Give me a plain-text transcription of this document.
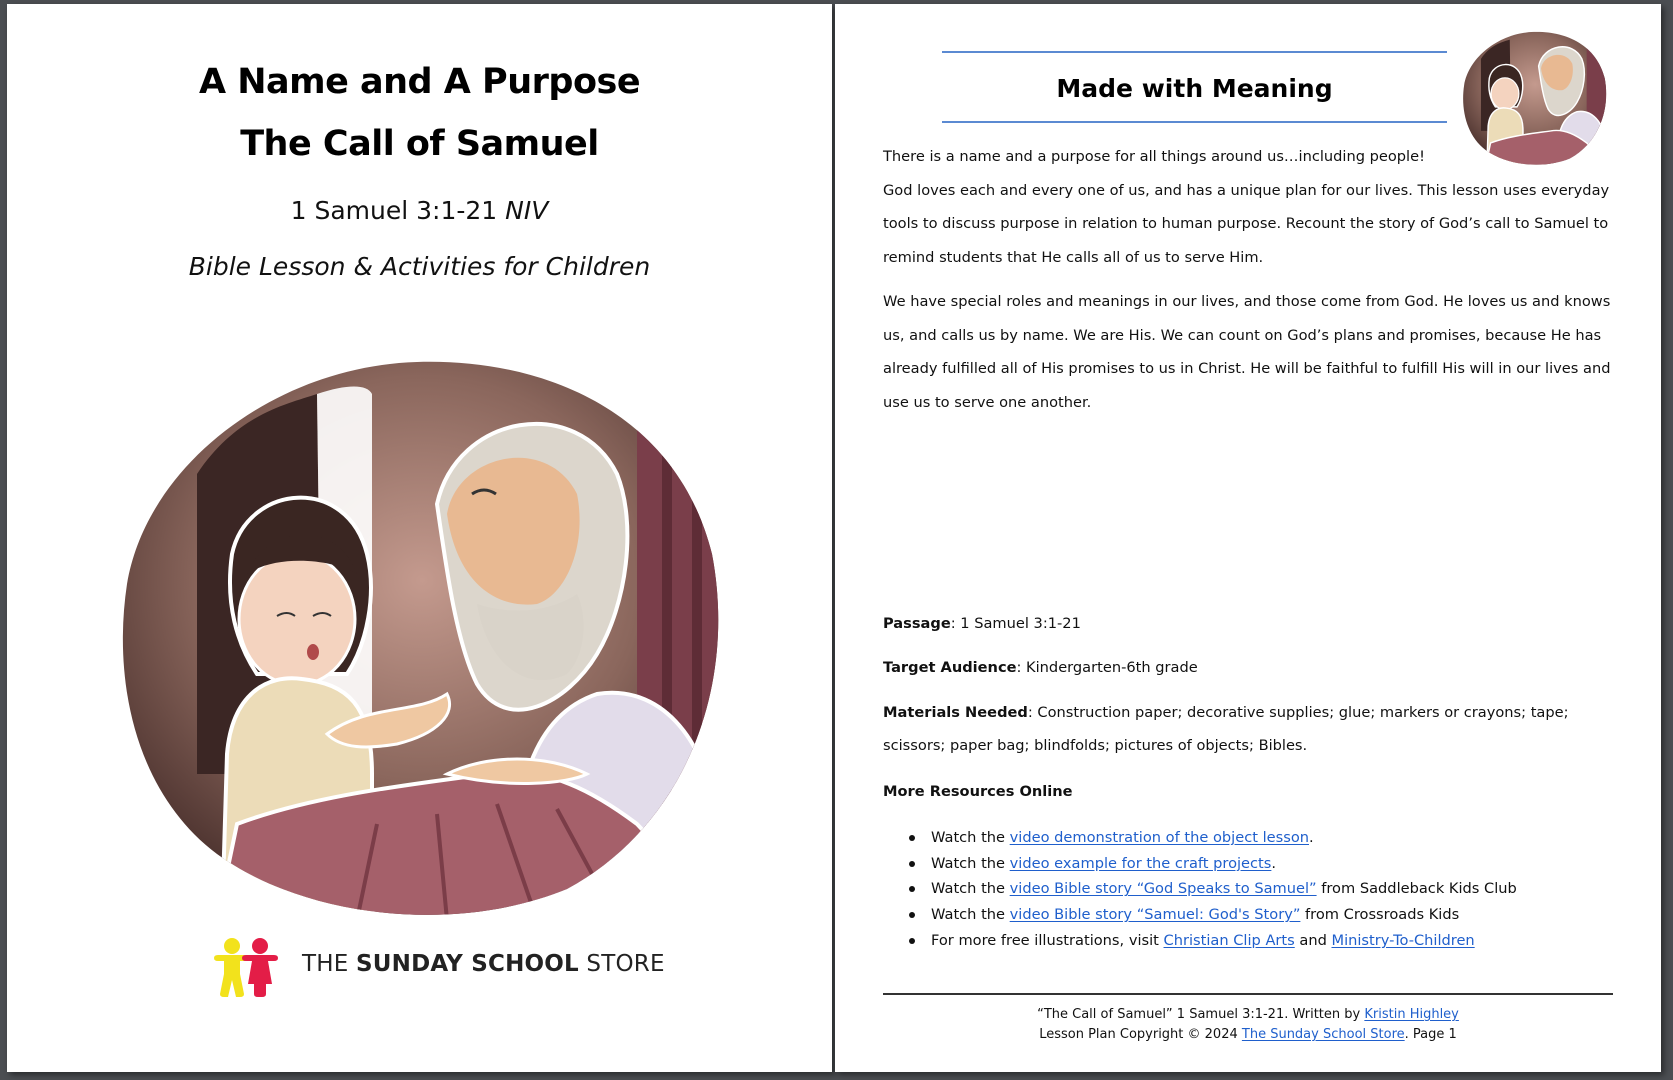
A Name and A Purpose
The Call of Samuel
1 Samuel 3:1-21 NIV
Bible Lesson & Activities for Children
THE SUNDAY SCHOOL STORE
Made with Meaning

There is a name and a purpose for all things around us…including people!

God loves each and every one of us, and has a unique plan for our lives. This lesson uses everyday tools to discuss purpose in relation to human purpose. Recount the story of God’s call to Samuel to remind students that He calls all of us to serve Him.

We have special roles and meanings in our lives, and those come from God. He loves us and knows us, and calls us by name. We are His. We can count on God’s plans and promises, because He has already fulfilled all of His promises to us in Christ. He will be faithful to fulfill His will in our lives and use us to serve one another.

Passage: 1 Samuel 3:1-21
Target Audience: Kindergarten-6th grade
Materials Needed: Construction paper; decorative supplies; glue; markers or crayons; tape; scissors; paper bag; blindfolds; pictures of objects; Bibles.
More Resources Online
Watch the video demonstration of the object lesson.
Watch the video example for the craft projects.
Watch the video Bible story “God Speaks to Samuel” from Saddleback Kids Club
Watch the video Bible story “Samuel: God's Story” from Crossroads Kids
For more free illustrations, visit Christian Clip Arts and Ministry-To-Children
“The Call of Samuel” 1 Samuel 3:1-21. Written by Kristin Highley
Lesson Plan Copyright © 2024 The Sunday School Store. Page 1
